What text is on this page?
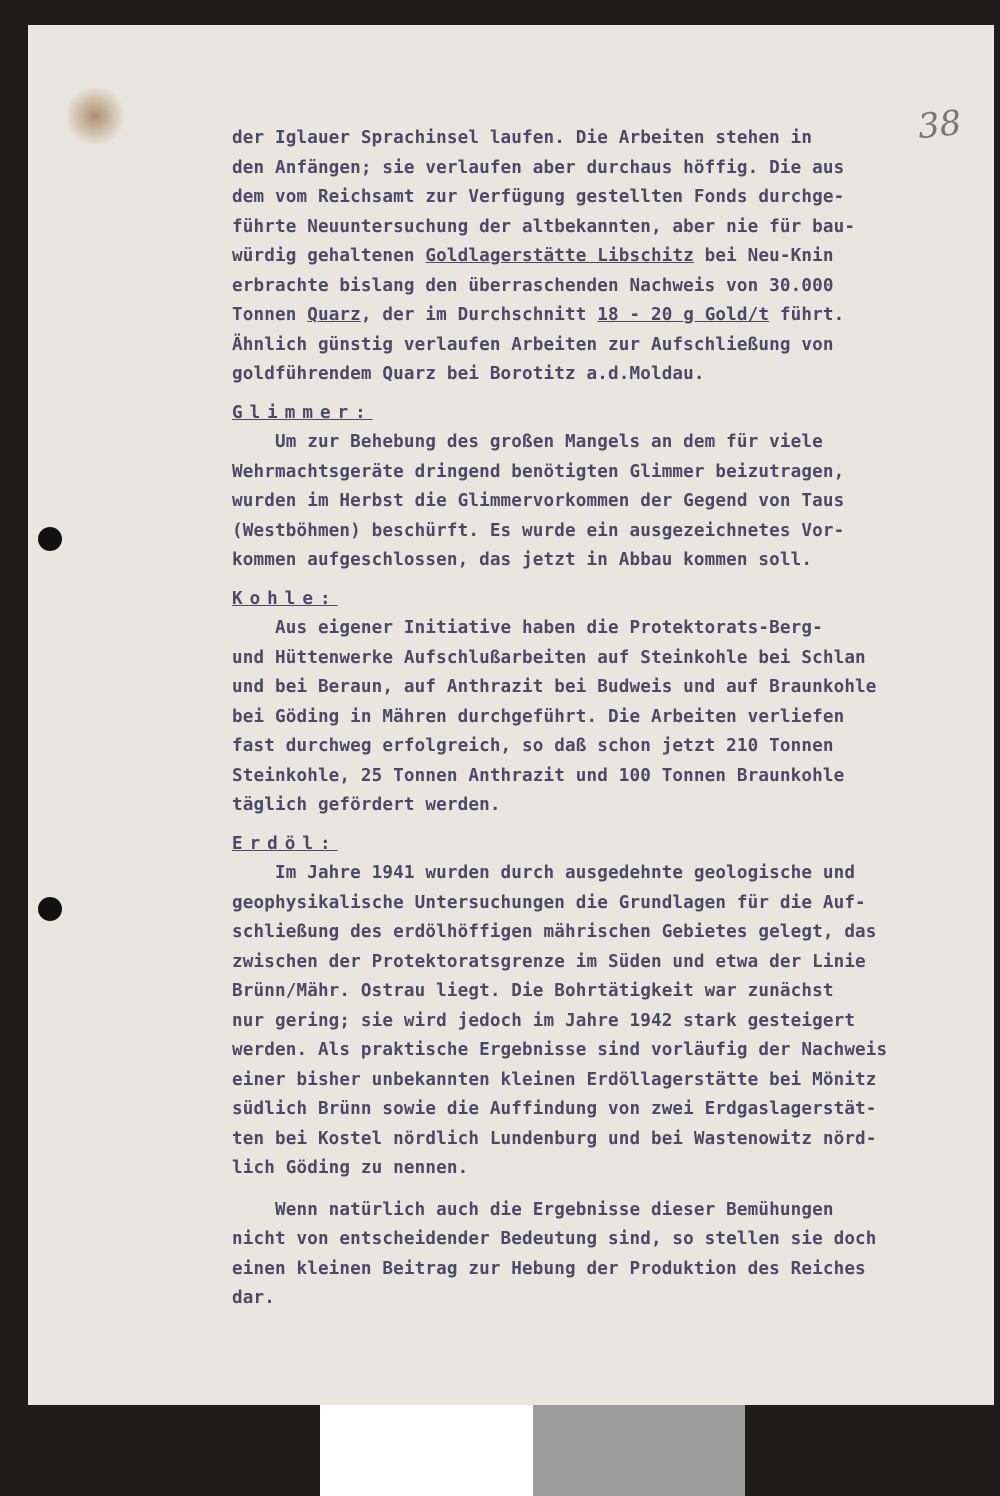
38
der Iglauer Sprachinsel laufen. Die Arbeiten stehen in
den Anfängen; sie verlaufen aber durchaus höffig. Die aus
dem vom Reichsamt zur Verfügung gestellten Fonds durchge-
führte Neuuntersuchung der altbekannten, aber nie für bau-
würdig gehaltenen Goldlagerstätte Libschitz bei Neu-Knin
erbrachte bislang den überraschenden Nachweis von 30.000
Tonnen Quarz, der im Durchschnitt 18 - 20 g Gold/t führt.
Ähnlich günstig verlaufen Arbeiten zur Aufschließung von
goldführendem Quarz bei Borotitz a.d.Moldau.
Glimmer:
Um zur Behebung des großen Mangels an dem für viele
Wehrmachtsgeräte dringend benötigten Glimmer beizutragen,
wurden im Herbst die Glimmervorkommen der Gegend von Taus
(Westböhmen) beschürft. Es wurde ein ausgezeichnetes Vor-
kommen aufgeschlossen, das jetzt in Abbau kommen soll.
Kohle:
Aus eigener Initiative haben die Protektorats-Berg-
und Hüttenwerke Aufschlußarbeiten auf Steinkohle bei Schlan
und bei Beraun, auf Anthrazit bei Budweis und auf Braunkohle
bei Göding in Mähren durchgeführt. Die Arbeiten verliefen
fast durchweg erfolgreich, so daß schon jetzt 210 Tonnen
Steinkohle, 25 Tonnen Anthrazit und 100 Tonnen Braunkohle
täglich gefördert werden.
Erdöl:
Im Jahre 1941 wurden durch ausgedehnte geologische und
geophysikalische Untersuchungen die Grundlagen für die Auf-
schließung des erdölhöffigen mährischen Gebietes gelegt, das
zwischen der Protektoratsgrenze im Süden und etwa der Linie
Brünn/Mähr. Ostrau liegt. Die Bohrtätigkeit war zunächst
nur gering; sie wird jedoch im Jahre 1942 stark gesteigert
werden. Als praktische Ergebnisse sind vorläufig der Nachweis
einer bisher unbekannten kleinen Erdöllagerstätte bei Mönitz
südlich Brünn sowie die Auffindung von zwei Erdgaslagerstät-
ten bei Kostel nördlich Lundenburg und bei Wastenowitz nörd-
lich Göding zu nennen.
Wenn natürlich auch die Ergebnisse dieser Bemühungen
nicht von entscheidender Bedeutung sind, so stellen sie doch
einen kleinen Beitrag zur Hebung der Produktion des Reiches
dar.
